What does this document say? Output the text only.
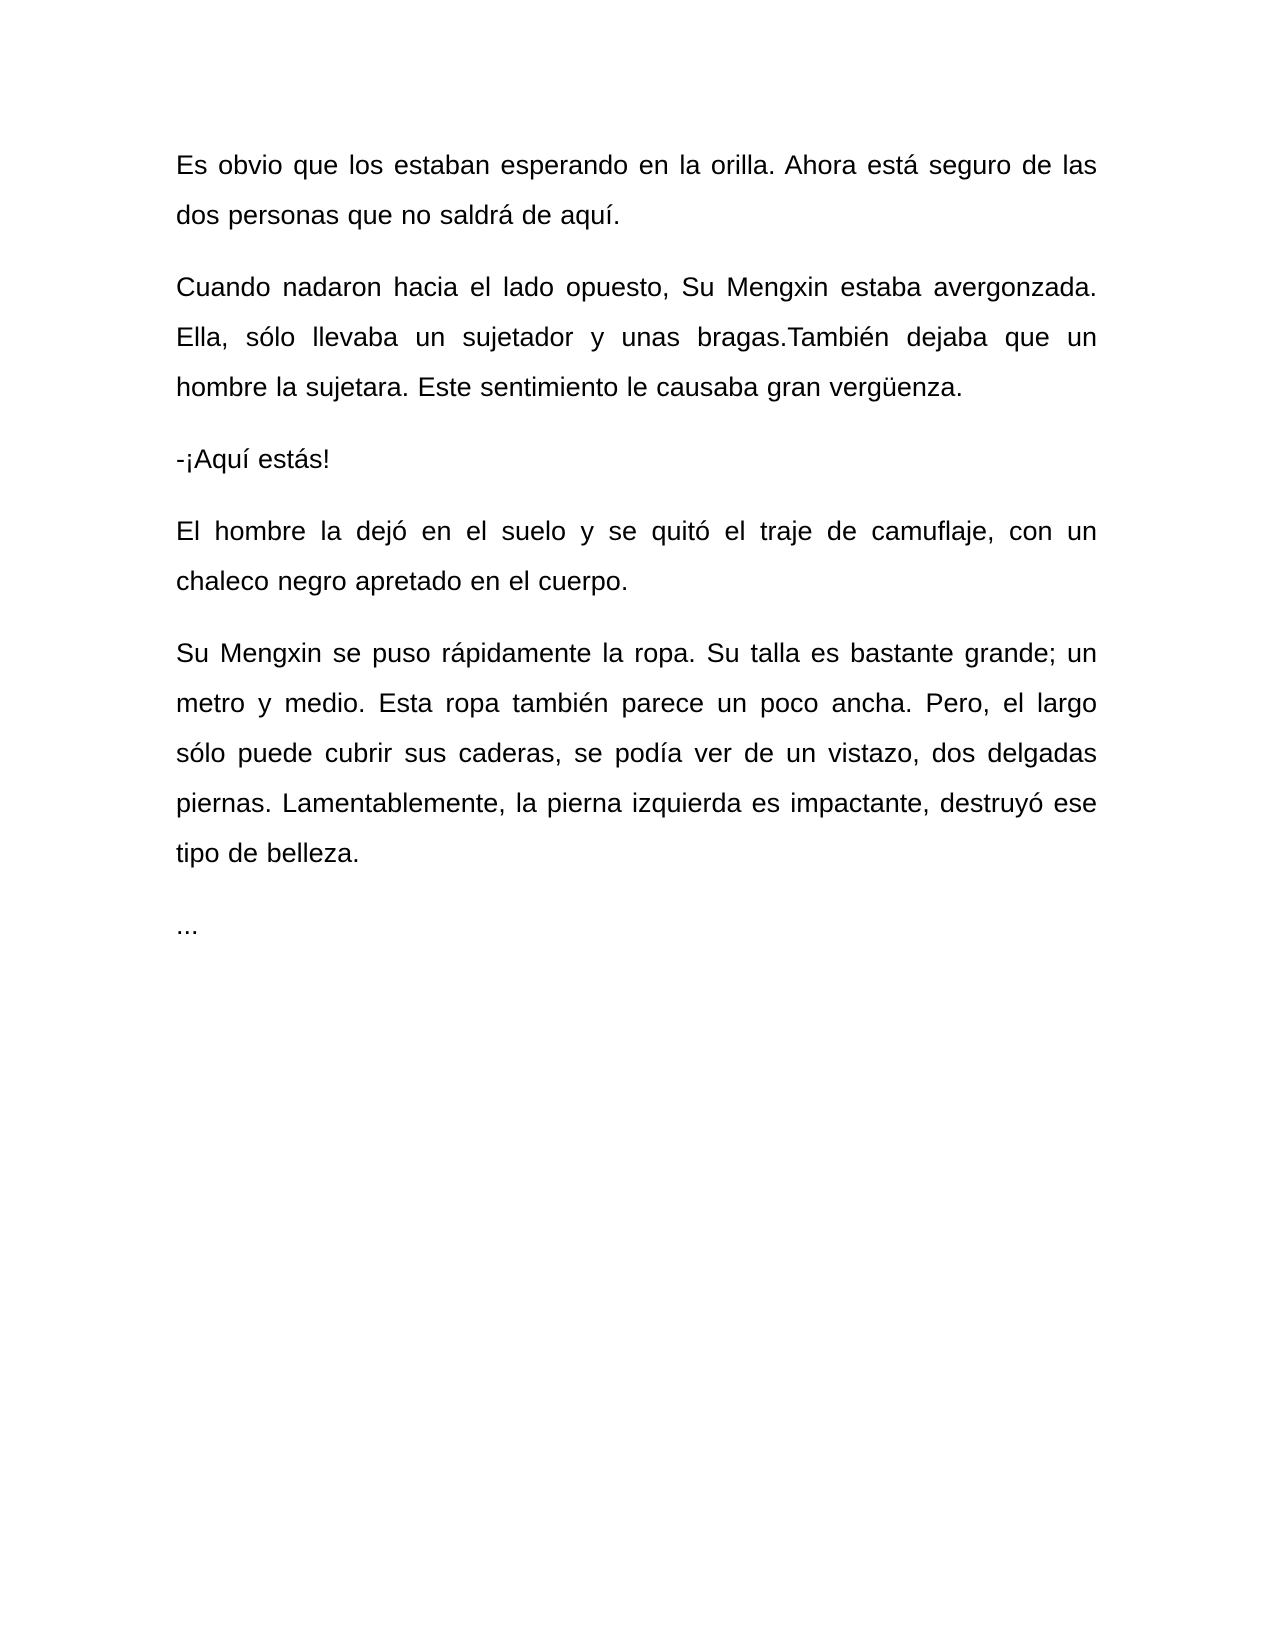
Es obvio que los estaban esperando en la orilla. Ahora está seguro de las dos personas que no saldrá de aquí.

Cuando nadaron hacia el lado opuesto, Su Mengxin estaba avergonzada. Ella, sólo llevaba un sujetador y unas bragas.También dejaba que un hombre la sujetara. Este sentimiento le causaba gran vergüenza.

-¡Aquí estás!

El hombre la dejó en el suelo y se quitó el traje de camuflaje, con un chaleco negro apretado en el cuerpo.

Su Mengxin se puso rápidamente la ropa. Su talla es bastante grande; un metro y medio. Esta ropa también parece un poco ancha. Pero, el largo sólo puede cubrir sus caderas, se podía ver de un vistazo, dos delgadas piernas. Lamentablemente, la pierna izquierda es impactante, destruyó ese tipo de belleza.

...
